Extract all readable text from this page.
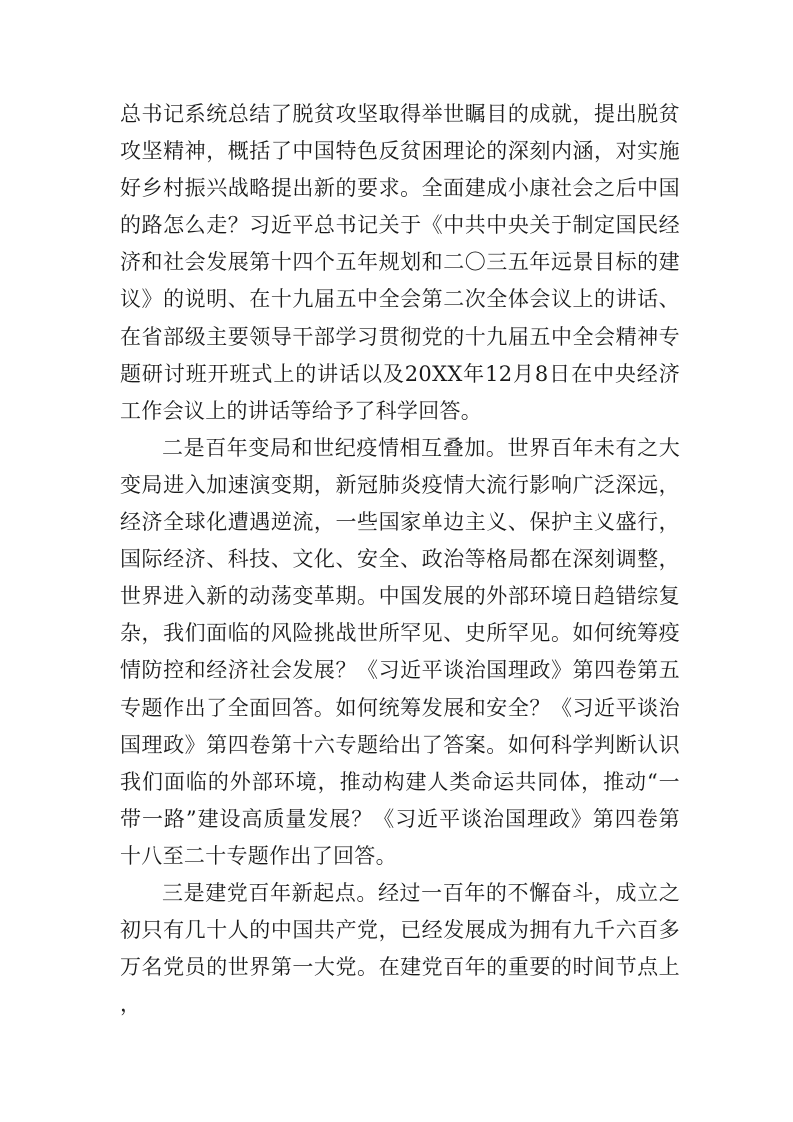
总书记系统总结了脱贫攻坚取得举世瞩目的成就，提出脱贫攻坚精神，概括了中国特色反贫困理论的深刻内涵，对实施好乡村振兴战略提出新的要求。全面建成小康社会之后中国的路怎么走？习近平总书记关于《中共中央关于制定国民经济和社会发展第十四个五年规划和二〇三五年远景目标的建议》的说明、在十九届五中全会第二次全体会议上的讲话、在省部级主要领导干部学习贯彻党的十九届五中全会精神专题研讨班开班式上的讲话以及20XX年12月8日在中央经济工作会议上的讲话等给予了科学回答。

二是百年变局和世纪疫情相互叠加。世界百年未有之大变局进入加速演变期，新冠肺炎疫情大流行影响广泛深远，经济全球化遭遇逆流，一些国家单边主义、保护主义盛行，国际经济、科技、文化、安全、政治等格局都在深刻调整，世界进入新的动荡变革期。中国发展的外部环境日趋错综复杂，我们面临的风险挑战世所罕见、史所罕见。如何统筹疫情防控和经济社会发展？《习近平谈治国理政》第四卷第五专题作出了全面回答。如何统筹发展和安全？《习近平谈治国理政》第四卷第十六专题给出了答案。如何科学判断认识我们面临的外部环境，推动构建人类命运共同体，推动“一带一路”建设高质量发展？《习近平谈治国理政》第四卷第十八至二十专题作出了回答。

三是建党百年新起点。经过一百年的不懈奋斗，成立之初只有几十人的中国共产党，已经发展成为拥有九千六百多万名党员的世界第一大党。在建党百年的重要的时间节点上，
